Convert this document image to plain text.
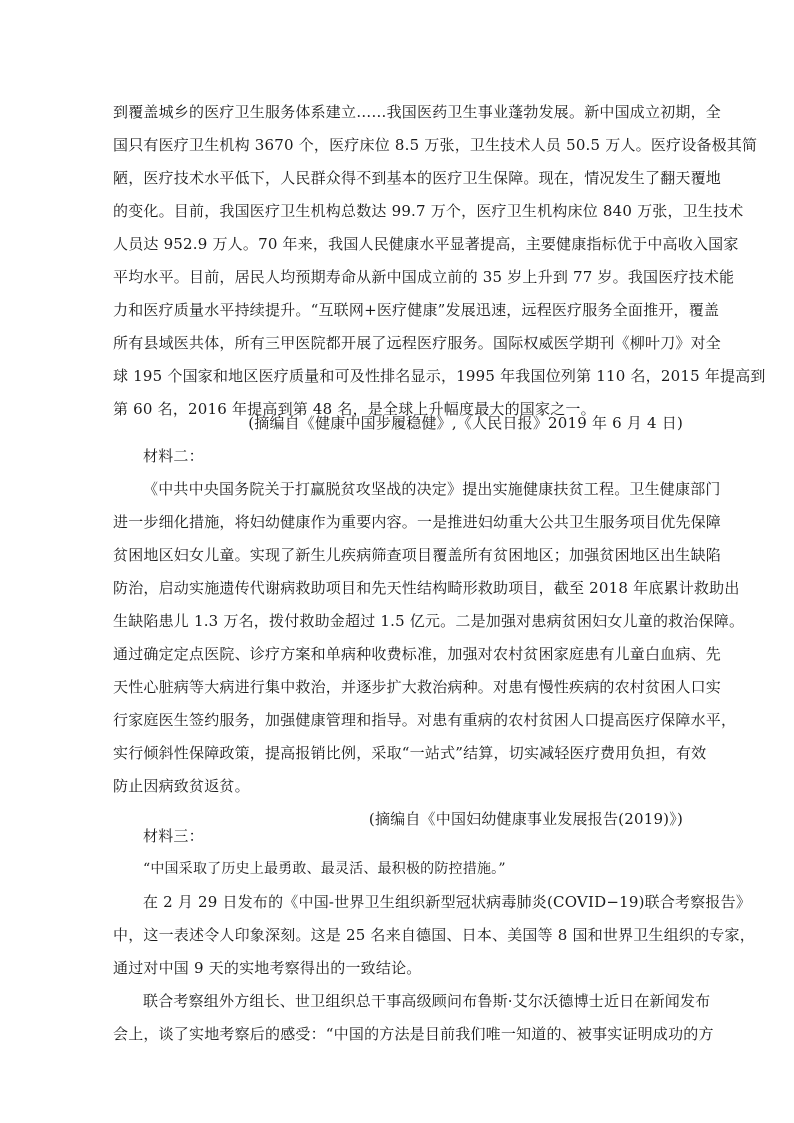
到覆盖城乡的医疗卫生服务体系建立……我国医药卫生事业蓬勃发展。新中国成立初期，全
国只有医疗卫生机构 3670 个，医疗床位 8.5 万张，卫生技术人员 50.5 万人。医疗设备极其简
陋，医疗技术水平低下，人民群众得不到基本的医疗卫生保障。现在，情况发生了翻天覆地
的变化。目前，我国医疗卫生机构总数达 99.7 万个，医疗卫生机构床位 840 万张，卫生技术
人员达 952.9 万人。70 年来，我国人民健康水平显著提高，主要健康指标优于中高收入国家
平均水平。目前，居民人均预期寿命从新中国成立前的 35 岁上升到 77 岁。我国医疗技术能
力和医疗质量水平持续提升。“互联网+医疗健康”发展迅速，远程医疗服务全面推开，覆盖
所有县域医共体，所有三甲医院都开展了远程医疗服务。国际权威医学期刊《柳叶刀》对全
球 195 个国家和地区医疗质量和可及性排名显示，1995 年我国位列第 110 名，2015 年提高到
第 60 名，2016 年提高到第 48 名，是全球上升幅度最大的国家之一。
(摘编自《健康中国步履稳健》,《人民日报》2019 年 6 月 4 日)
材料二：
《中共中央国务院关于打赢脱贫攻坚战的决定》提出实施健康扶贫工程。卫生健康部门
进一步细化措施，将妇幼健康作为重要内容。一是推进妇幼重大公共卫生服务项目优先保障
贫困地区妇女儿童。实现了新生儿疾病筛查项目覆盖所有贫困地区；加强贫困地区出生缺陷
防治，启动实施遗传代谢病救助项目和先天性结构畸形救助项目，截至 2018 年底累计救助出
生缺陷患儿 1.3 万名，拨付救助金超过 1.5 亿元。二是加强对患病贫困妇女儿童的救治保障。
通过确定定点医院、诊疗方案和单病种收费标准，加强对农村贫困家庭患有儿童白血病、先
天性心脏病等大病进行集中救治，并逐步扩大救治病种。对患有慢性疾病的农村贫困人口实
行家庭医生签约服务，加强健康管理和指导。对患有重病的农村贫困人口提高医疗保障水平，
实行倾斜性保障政策，提高报销比例，采取“一站式”结算，切实减轻医疗费用负担，有效
防止因病致贫返贫。
(摘编自《中国妇幼健康事业发展报告(2019)》)
材料三：
“中国采取了历史上最勇敢、最灵活、最积极的防控措施。”
在 2 月 29 日发布的《中国-世界卫生组织新型冠状病毒肺炎(COVID−19)联合考察报告》
中，这一表述令人印象深刻。这是 25 名来自德国、日本、美国等 8 国和世界卫生组织的专家，
通过对中国 9 天的实地考察得出的一致结论。
联合考察组外方组长、世卫组织总干事高级顾问布鲁斯·艾尔沃德博士近日在新闻发布
会上，谈了实地考察后的感受：“中国的方法是目前我们唯一知道的、被事实证明成功的方
